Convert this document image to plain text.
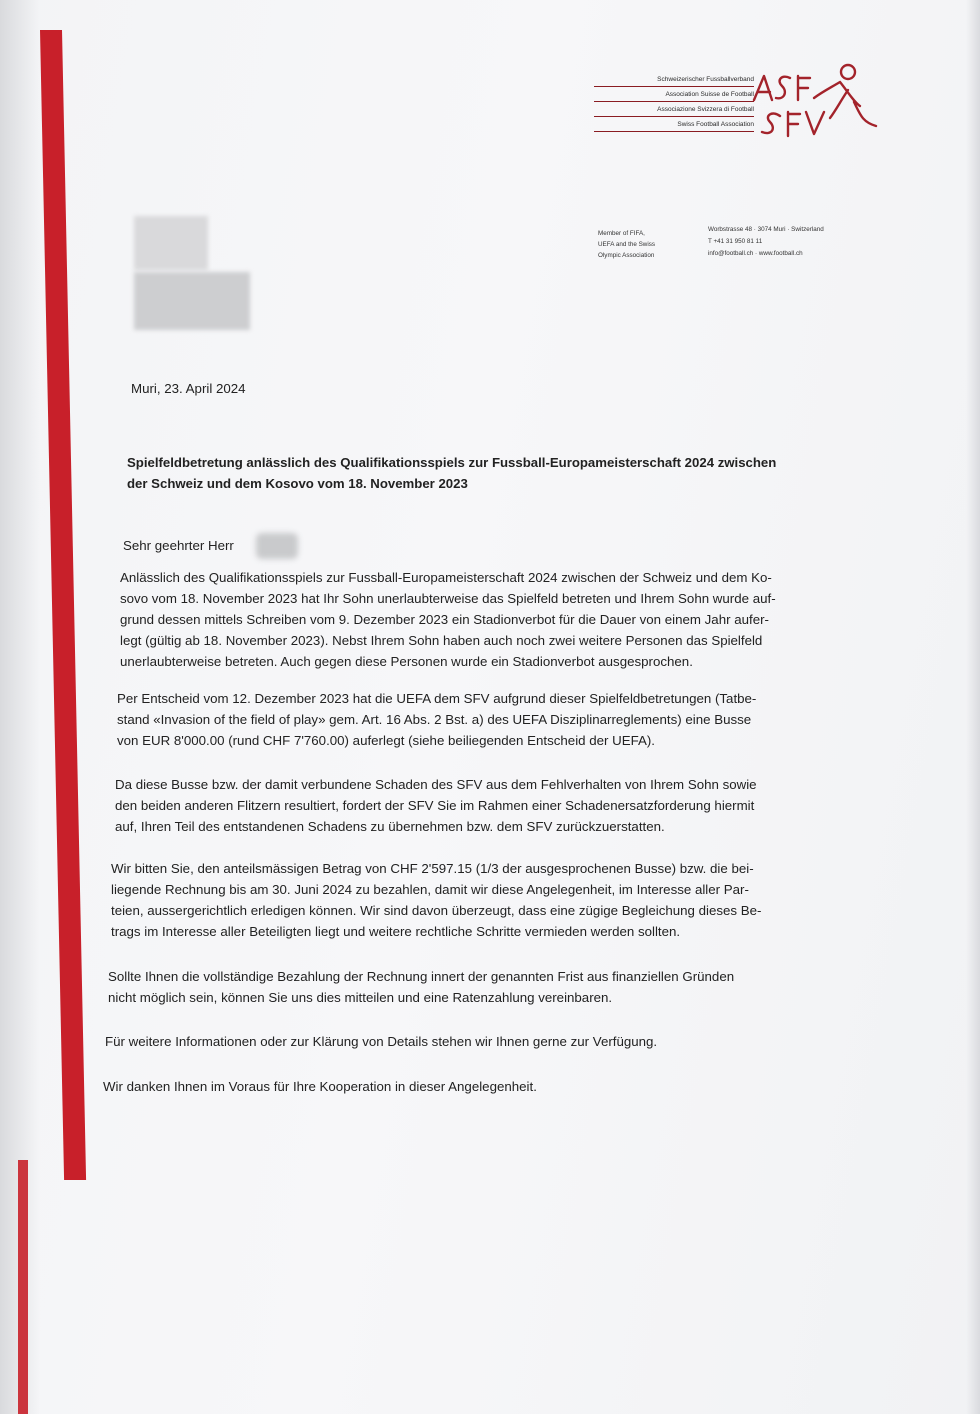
Schweizerischer Fussballverband
Association Suisse de Football
Associazione Svizzera di Football
Swiss Football Association
Member of FIFA,
UEFA and the Swiss
Olympic Association
Worbstrasse 48 · 3074 Muri · Switzerland
T +41 31 950 81 11
info@football.ch · www.football.ch
Muri, 23. April 2024
Spielfeldbetretung anlässlich des Qualifikationsspiels zur Fussball-Europameisterschaft 2024 zwischen
der Schweiz und dem Kosovo vom 18. November 2023
Sehr geehrter Herr
Anlässlich des Qualifikationsspiels zur Fussball-Europameisterschaft 2024 zwischen der Schweiz und dem Ko-
sovo vom 18. November 2023 hat Ihr Sohn unerlaubterweise das Spielfeld betreten und Ihrem Sohn wurde auf-
grund dessen mittels Schreiben vom 9. Dezember 2023 ein Stadionverbot für die Dauer von einem Jahr aufer-
legt (gültig ab 18. November 2023). Nebst Ihrem Sohn haben auch noch zwei weitere Personen das Spielfeld
unerlaubterweise betreten. Auch gegen diese Personen wurde ein Stadionverbot ausgesprochen.
Per Entscheid vom 12. Dezember 2023 hat die UEFA dem SFV aufgrund dieser Spielfeldbetretungen (Tatbe-
stand «Invasion of the field of play» gem. Art. 16 Abs. 2 Bst. a) des UEFA Disziplinarreglements) eine Busse
von EUR 8'000.00 (rund CHF 7'760.00) auferlegt (siehe beiliegenden Entscheid der UEFA).
Da diese Busse bzw. der damit verbundene Schaden des SFV aus dem Fehlverhalten von Ihrem Sohn sowie
den beiden anderen Flitzern resultiert, fordert der SFV Sie im Rahmen einer Schadenersatzforderung hiermit
auf, Ihren Teil des entstandenen Schadens zu übernehmen bzw. dem SFV zurückzuerstatten.
Wir bitten Sie, den anteilsmässigen Betrag von CHF 2'597.15 (1/3 der ausgesprochenen Busse) bzw. die bei-
liegende Rechnung bis am 30. Juni 2024 zu bezahlen, damit wir diese Angelegenheit, im Interesse aller Par-
teien, aussergerichtlich erledigen können. Wir sind davon überzeugt, dass eine zügige Begleichung dieses Be-
trags im Interesse aller Beteiligten liegt und weitere rechtliche Schritte vermieden werden sollten.
Sollte Ihnen die vollständige Bezahlung der Rechnung innert der genannten Frist aus finanziellen Gründen
nicht möglich sein, können Sie uns dies mitteilen und eine Ratenzahlung vereinbaren.
Für weitere Informationen oder zur Klärung von Details stehen wir Ihnen gerne zur Verfügung.
Wir danken Ihnen im Voraus für Ihre Kooperation in dieser Angelegenheit.
